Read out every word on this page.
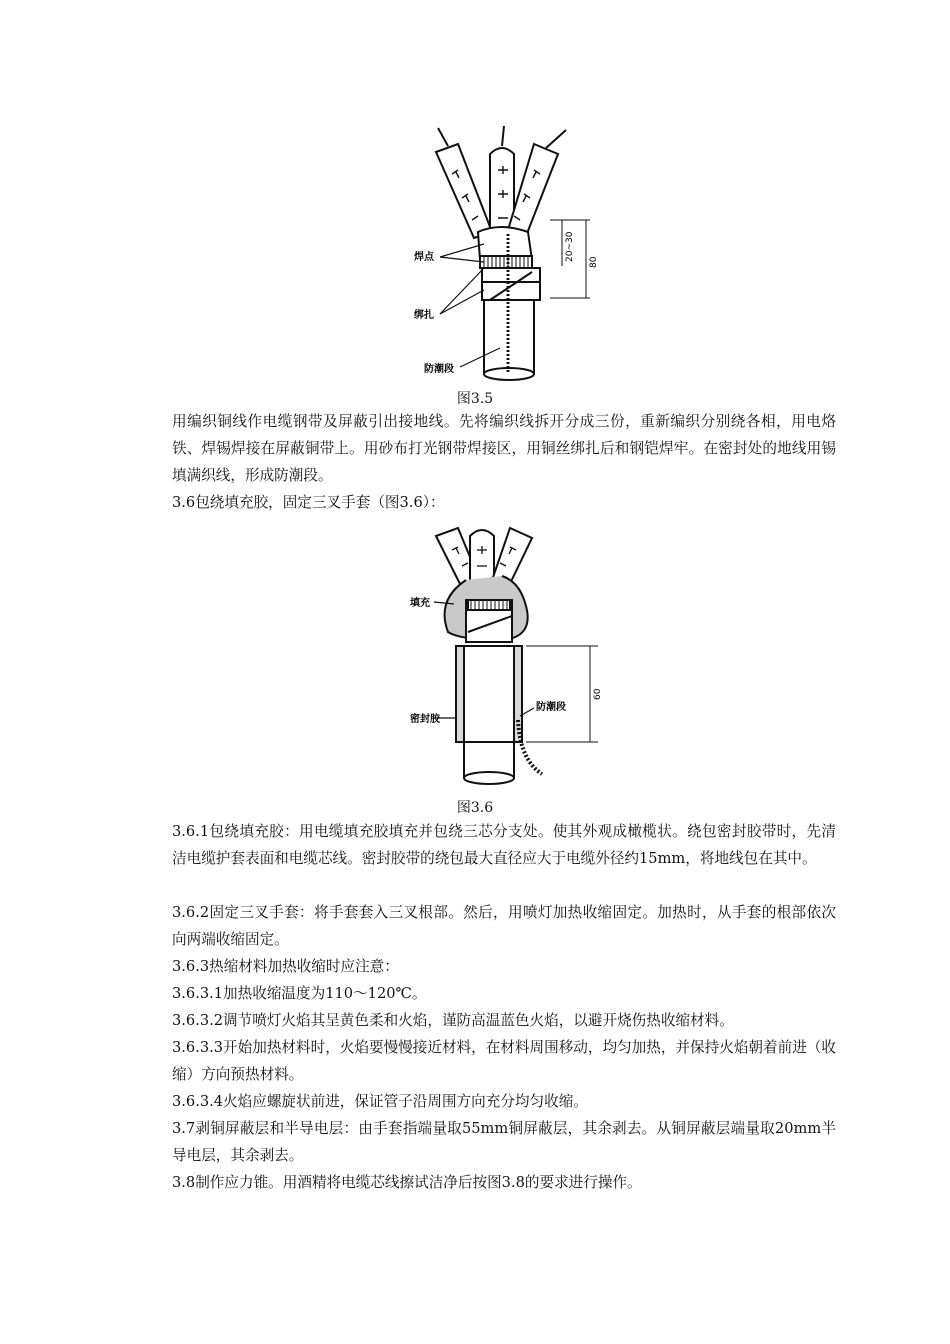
焊点
绑扎
防潮段
20~30
80
图3.5

用编织铜线作电缆钢带及屏蔽引出接地线。先将编织线拆开分成三份，重新编织分别绕各相，用电烙铁、焊锡焊接在屏蔽铜带上。用砂布打光钢带焊接区，用铜丝绑扎后和钢铠焊牢。在密封处的地线用锡填满织线，形成防潮段。

3.6包绕填充胶，固定三叉手套（图3.6）：

填充
密封胶
防潮段
60
图3.6

3.6.1包绕填充胶：用电缆填充胶填充并包绕三芯分支处。使其外观成橄榄状。绕包密封胶带时，先清洁电缆护套表面和电缆芯线。密封胶带的绕包最大直径应大于电缆外径约15mm，将地线包在其中。

3.6.2固定三叉手套：将手套套入三叉根部。然后，用喷灯加热收缩固定。加热时，从手套的根部依次向两端收缩固定。

3.6.3热缩材料加热收缩时应注意：

3.6.3.1加热收缩温度为110～120℃。

3.6.3.2调节喷灯火焰其呈黄色柔和火焰，谨防高温蓝色火焰，以避开烧伤热收缩材料。

3.6.3.3开始加热材料时，火焰要慢慢接近材料，在材料周围移动，均匀加热，并保持火焰朝着前进（收缩）方向预热材料。

3.6.3.4火焰应螺旋状前进，保证管子沿周围方向充分均匀收缩。

3.7剥铜屏蔽层和半导电层：由手套指端量取55mm铜屏蔽层，其余剥去。从铜屏蔽层端量取20mm半导电层，其余剥去。

3.8制作应力锥。用酒精将电缆芯线擦试洁净后按图3.8的要求进行操作。
